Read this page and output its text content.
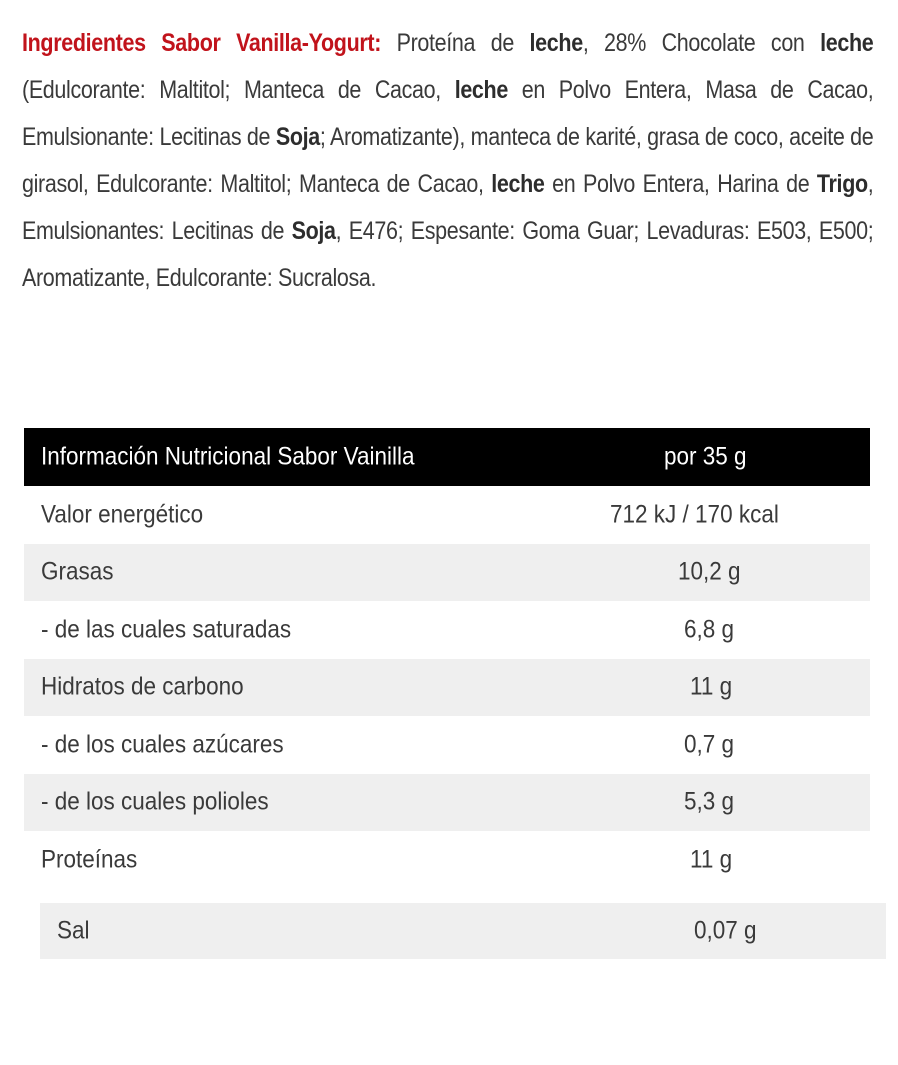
Ingredientes Sabor Vanilla-Yogurt: Proteína de leche, 28% Chocolate con leche (Edulcorante: Maltitol; Manteca de Cacao, leche en Polvo Entera, Masa de Cacao, Emulsionante: Lecitinas de Soja; Aromatizante), manteca de karité, grasa de coco, aceite de girasol, Edulcorante: Maltitol; Manteca de Cacao, leche en Polvo Entera, Harina de Trigo, Emulsionantes: Lecitinas de Soja, E476; Espesante: Goma Guar; Levaduras: E503, E500; Aromatizante, Edulcorante: Sucralosa.
Información Nutricional Sabor Vainilla	por 35 g
Valor energético	712 kJ / 170 kcal
Grasas	10,2 g
- de las cuales saturadas	6,8 g
Hidratos de carbono	11 g
- de los cuales azúcares	0,7 g
- de los cuales polioles	5,3 g
Proteínas	11 g
Sal	0,07 g
